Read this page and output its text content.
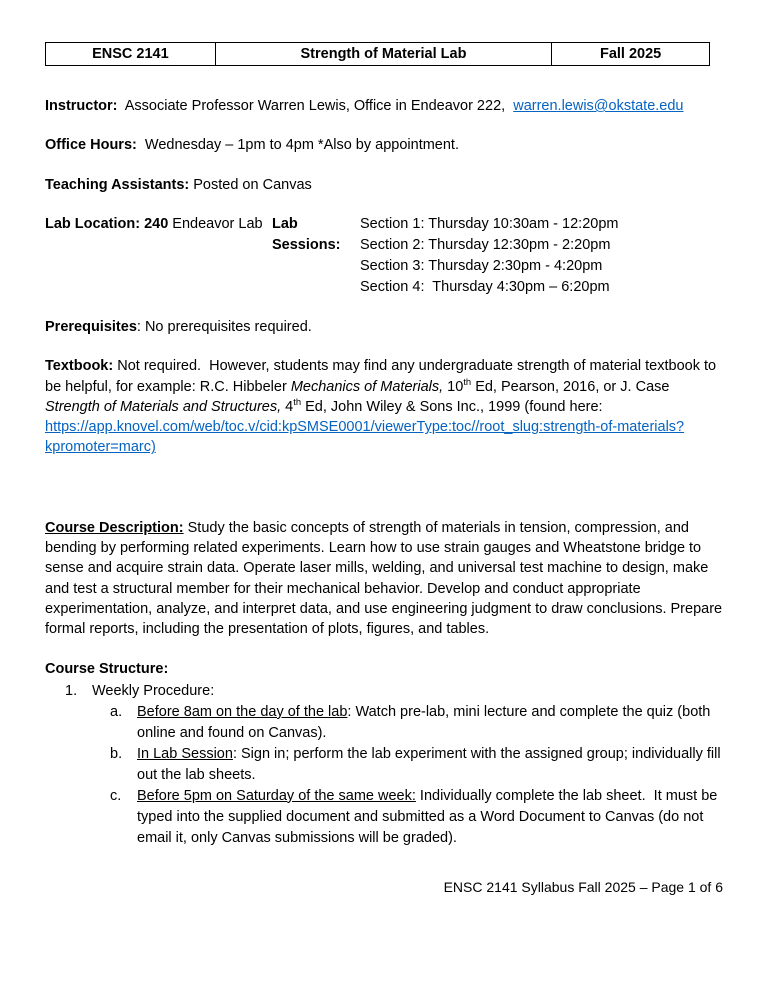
ENSC 2141	Strength of Material Lab	Fall 2025

Instructor:  Associate Professor Warren Lewis, Office in Endeavor 222,  warren.lewis@okstate.edu

Office Hours:  Wednesday – 1pm to 4pm *Also by appointment.

Teaching Assistants: Posted on Canvas

Lab Location: 240 Endeavor Lab Lab Sessions:
Section 1: Thursday 10:30am - 12:20pm
Section 2: Thursday 12:30pm - 2:20pm
Section 3: Thursday 2:30pm - 4:20pm
Section 4:  Thursday 4:30pm – 6:20pm

Prerequisites: No prerequisites required.

Textbook: Not required.  However, students may find any undergraduate strength of material textbook to be helpful, for example: R.C. Hibbeler Mechanics of Materials, 10th Ed, Pearson, 2016, or J. Case Strength of Materials and Structures, 4th Ed, John Wiley & Sons Inc., 1999 (found here: https://app.knovel.com/web/toc.v/cid:kpSMSE0001/viewerType:toc//root_slug:strength-of-materials?kpromoter=marc)

Course Description: Study the basic concepts of strength of materials in tension, compression, and bending by performing related experiments. Learn how to use strain gauges and Wheatstone bridge to sense and acquire strain data. Operate laser mills, welding, and universal test machine to design, make and test a structural member for their mechanical behavior. Develop and conduct appropriate experimentation, analyze, and interpret data, and use engineering judgment to draw conclusions. Prepare formal reports, including the presentation of plots, figures, and tables.

Course Structure:

1.	Weekly Procedure:
a.	Before 8am on the day of the lab: Watch pre-lab, mini lecture and complete the quiz (both online and found on Canvas).
b.	In Lab Session: Sign in; perform the lab experiment with the assigned group; individually fill out the lab sheets.
c.	Before 5pm on Saturday of the same week: Individually complete the lab sheet.  It must be typed into the supplied document and submitted as a Word Document to Canvas (do not email it, only Canvas submissions will be graded).
ENSC 2141 Syllabus Fall 2025 – Page 1 of 6
